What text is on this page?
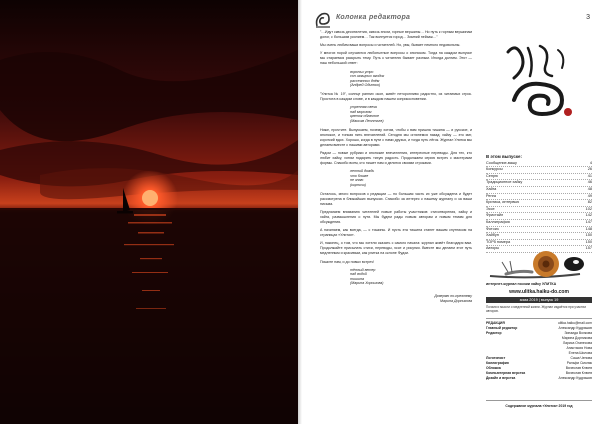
Колонка редактора	3

"…Идут сквозь десятилетия, сквозь эпохи, горные вершины… Но путь к горным вершинам долог, с большим усилием… Так волнуется город… Зимний пейзаж…"

Мы очень любим ваши вопросы и читателей. Но, увы, бывает немного недовольны.

У многих порой случаются любопытные вопросы о японском. Тогда на каждом выпуске мы стараемся раскрыть тему. Путь к читателю бывает разным. Иногда долгим. Этот — наш небольшой ответ:

вороньи утро
сон изящных ягодок
рассеянных днём
(Андрей Одиноко)

"Улитка № 19", солнце ранних окон, живёт неторопливо радостно, из читаемых строк. Простота в каждом слове, и в каждом нашем соприкосновении.

утренняя свеча
над морозом
цветок облачное
(Максим Леонтьев)

Ниже, прочтите. Выпускаем, почему хотим, чтобы к вам пришла тишина — и русское, и японское, и тонкая нить впечатлений. Сегодня мы оглянемся назад: хайку — это миг, короткий вдох. Хорошо, когда в пути с нами друзья, и тогда путь лёгок. Журнал Улитка мы делаем вместе с нашими авторами.

Рядом — новые рубрики и японские впечатления, интересные переводы. Для тех, кто любит хайку, хотим подарить тихую радость. Продолжаем серию встреч с мастерами формы. Спасибо всем, кто пишет нам и делится своими строками.

летний дождь
что ближе
не знаю
(кирпичи)

Осталось, много вопросов к редакции — но большая часть их уже обсуждена и будет рассмотрена в ближайших выпусках. Спасибо за интерес к нашему журналу и за ваши письма.

Предлагаем вниманию читателей новые работы участников: стихотворения, хайку и хайга, размышления о пути. Мы будем рады новым авторам и новым темам для обсуждения.

А начинаем, как всегда, — с тишины. И пусть эта тишина станет вашим спутником на страницах «Улитки».

И, наконец, о том, что мы хотели сказать с самого начала: журнал живёт благодаря вам. Продолжайте присылать стихи, переводы, эссе и рисунки. Вместе мы делаем этот путь медленным и красивым, как улитка на склоне Фудзи.

Пишите нам, и до новых встреч!

тёплый ветер
над водой
тишина
(Марина Хорошова)
Доверяю по-прежнему
Марина Дорникова
В этом выпуске:
Сообщение-вашу	4
Конкурсы	26
Сенрю	41
Традиционное хайку	46
Хайга	48
Ренга	49
Критика, интервью	82
Эссе	102
Фристайл	142
Каллиграфия	147
Фотоиз	148
Хайбун	150
TOP5 номера	150
Авторы	157
интернет-журнал поэзии хайку УЛИТКА
www.ulitka.haiku-do.com
зима 2019 | выпуск 19
Поэзия и мысли о медленной жизни. Журнал издаётся при участии авторов.
РЕДАКЦИЯ	ulitka.haiku@mail.com
Главный редактор	Александр Кудряшов
Редактор	Зинаида Волкова
Марина Дорникова
Лариса Оганесова
Анастасия Нова
Елена Шилова
Логотипист	Саша Ченова
Каллиграфия	Ральфи Смоляк
Обложка	Вячеслав Клюев
Компьютерная верстка	Вячеслав Клюев
Дизайн и верстка	Александр Кудряшов
Содержание журнала «Улитка» 2019 год
